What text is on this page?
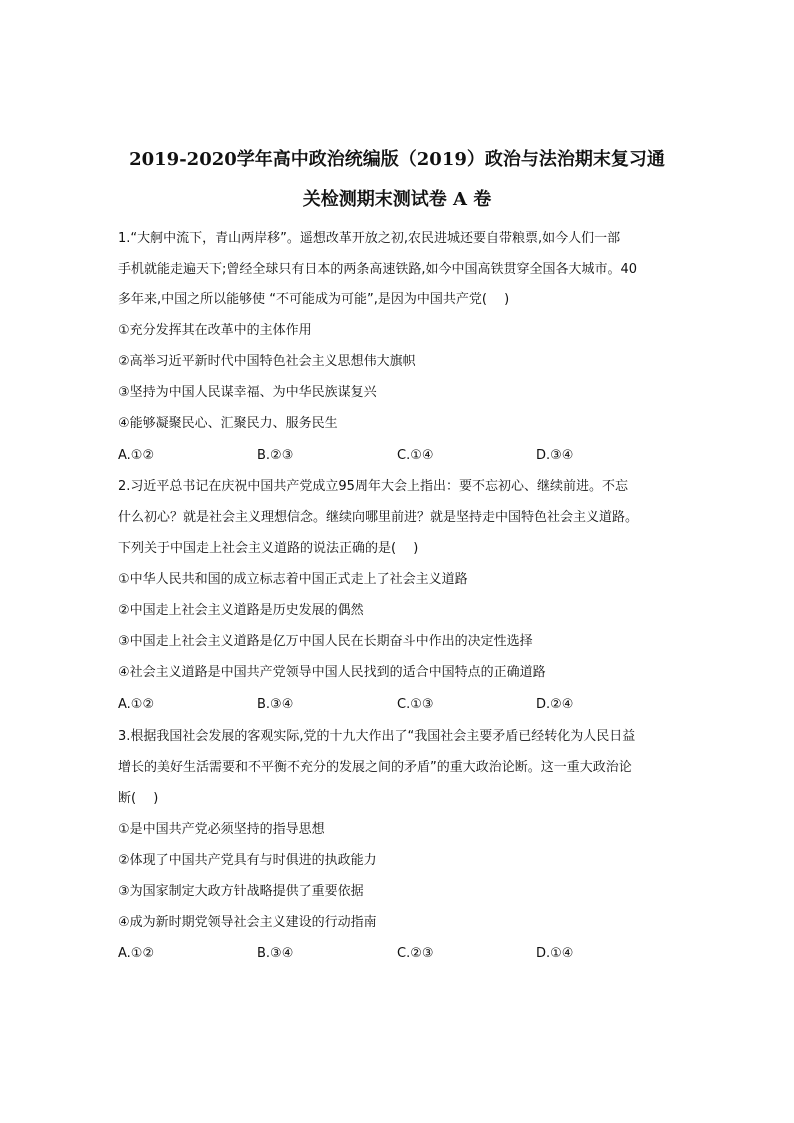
2019-2020学年高中政治统编版（2019）政治与法治期末复习通
关检测期末测试卷 A 卷
1.“大舸中流下，青山两岸移”。遥想改革开放之初,农民进城还要自带粮票,如今人们一部
手机就能走遍天下;曾经全球只有日本的两条高速铁路,如今中国高铁贯穿全国各大城市。40
多年来,中国之所以能够使 “不可能成为可能”,是因为中国共产党(　 )
①充分发挥其在改革中的主体作用
②高举习近平新时代中国特色社会主义思想伟大旗帜
③坚持为中国人民谋幸福、为中华民族谋复兴
④能够凝聚民心、汇聚民力、服务民生
A.①②	B.②③	C.①④	D.③④
2.习近平总书记在庆祝中国共产党成立95周年大会上指出：要不忘初心、继续前进。不忘
什么初心？就是社会主义理想信念。继续向哪里前进？就是坚持走中国特色社会主义道路。
下列关于中国走上社会主义道路的说法正确的是(　 )
①中华人民共和国的成立标志着中国正式走上了社会主义道路
②中国走上社会主义道路是历史发展的偶然
③中国走上社会主义道路是亿万中国人民在长期奋斗中作出的决定性选择
④社会主义道路是中国共产党领导中国人民找到的适合中国特点的正确道路
A.①②	B.③④	C.①③	D.②④
3.根据我国社会发展的客观实际,党的十九大作出了“我国社会主要矛盾已经转化为人民日益
增长的美好生活需要和不平衡不充分的发展之间的矛盾”的重大政治论断。这一重大政治论
断(　 )
①是中国共产党必须坚持的指导思想
②体现了中国共产党具有与时俱进的执政能力
③为国家制定大政方针战略提供了重要依据
④成为新时期党领导社会主义建设的行动指南
A.①②	B.③④	C.②③	D.①④
